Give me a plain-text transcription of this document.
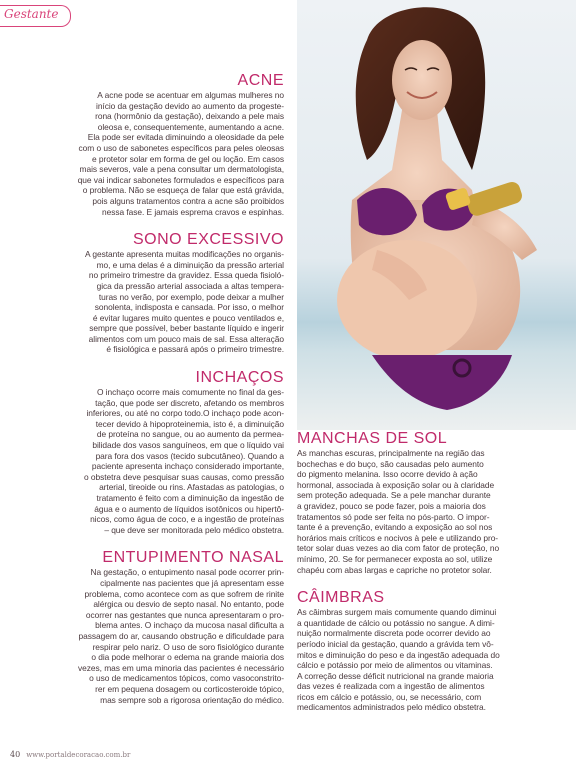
Gestante
ACNE

A acne pode se acentuar em algumas mulheres no

início da gestação devido ao aumento da progeste-

rona (hormônio da gestação), deixando a pele mais

oleosa e, consequentemente, aumentando a acne.

Ela pode ser evitada diminuindo a oleosidade da pele

com o uso de sabonetes específicos para peles oleosas

e protetor solar em forma de gel ou loção. Em casos

mais severos, vale a pena consultar um dermatologista,

que vai indicar sabonetes formulados e específicos para

o problema. Não se esqueça de falar que está grávida,

pois alguns tratamentos contra a acne são proibidos

nessa fase. E jamais esprema cravos e espinhas.

SONO EXCESSIVO

A gestante apresenta muitas modificações no organis-

mo, e uma delas é a diminuição da pressão arterial

no primeiro trimestre da gravidez. Essa queda fisioló-

gica da pressão arterial associada a altas tempera-

turas no verão, por exemplo, pode deixar a mulher

sonolenta, indisposta e cansada. Por isso, o melhor

é evitar lugares muito quentes e pouco ventilados e,

sempre que possível, beber bastante líquido e ingerir

alimentos com um pouco mais de sal. Essa alteração

é fisiológica e passará após o primeiro trimestre.

INCHAÇOS

O inchaço ocorre mais comumente no final da ges-

tação, que pode ser discreto, afetando os membros

inferiores, ou até no corpo todo.O inchaço pode acon-

tecer devido à hipoproteinemia, isto é, a diminuição

de proteína no sangue, ou ao aumento da permea-

bilidade dos vasos sanguíneos, em que o líquido vai

para fora dos vasos (tecido subcutâneo). Quando a

paciente apresenta inchaço considerado importante,

o obstetra deve pesquisar suas causas, como pressão

arterial, tireoide ou rins. Afastadas as patologias, o

tratamento é feito com a diminuição da ingestão de

água e o aumento de líquidos isotônicos ou hipertô-

nicos, como água de coco, e a ingestão de proteínas

– que deve ser monitorada pelo médico obstetra.

ENTUPIMENTO NASAL

Na gestação, o entupimento nasal pode ocorrer prin-

cipalmente nas pacientes que já apresentam esse

problema, como acontece com as que sofrem de rinite

alérgica ou desvio de septo nasal. No entanto, pode

ocorrer nas gestantes que nunca apresentaram o pro-

blema antes. O inchaço da mucosa nasal dificulta a

passagem do ar, causando obstrução e dificuldade para

respirar pelo nariz. O uso de soro fisiológico durante

o dia pode melhorar o edema na grande maioria dos

vezes, mas em uma minoria das pacientes é necessário

o uso de medicamentos tópicos, como vasoconstrito-

rer em pequena dosagem ou corticosteroide tópico,

mas sempre sob a rigorosa orientação do médico.

MANCHAS DE SOL

As manchas escuras, principalmente na região das

bochechas e do buço, são causadas pelo aumento

do pigmento melanina. Isso ocorre devido à ação

hormonal, associada à exposição solar ou à claridade

sem proteção adequada. Se a pele manchar durante

a gravidez, pouco se pode fazer, pois a maioria dos

tratamentos só pode ser feita no pós-parto. O impor-

tante é a prevenção, evitando a exposição ao sol nos

horários mais críticos e nocivos à pele e utilizando pro-

tetor solar duas vezes ao dia com fator de proteção, no

mínimo, 20. Se for permanecer exposta ao sol, utilize

chapéu com abas largas e capriche no protetor solar.

CÂIMBRAS

As câimbras surgem mais comumente quando diminui

a quantidade de cálcio ou potássio no sangue. A dimi-

nuição normalmente discreta pode ocorrer devido ao

período inicial da gestação, quando a grávida tem vô-

mitos e diminuição do peso e da ingestão adequada do

cálcio e potássio por meio de alimentos ou vitaminas.

A correção desse déficit nutricional na grande maioria

das vezes é realizada com a ingestão de alimentos

ricos em cálcio e potássio, ou, se necessário, com

medicamentos administrados pelo médico obstetra.

40 www.portaldecoracao.com.br
